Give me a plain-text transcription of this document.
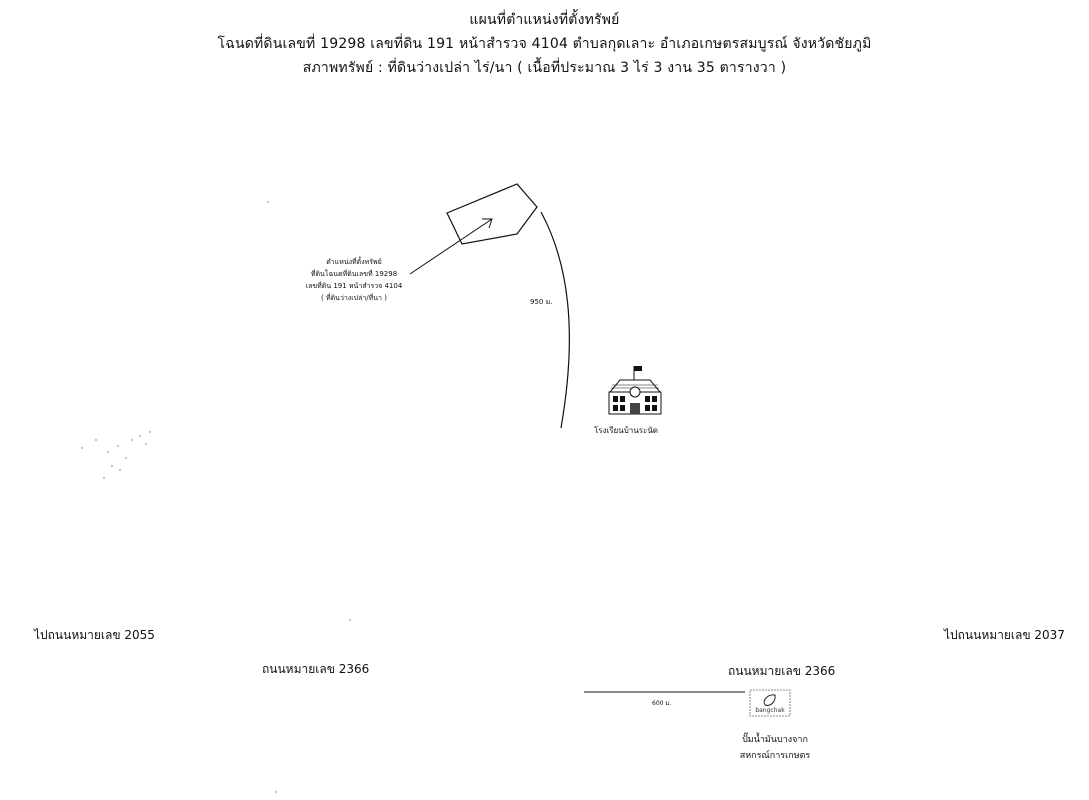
แผนที่ตำแหน่งที่ตั้งทรัพย์
โฉนดที่ดินเลขที่ 19298 เลขที่ดิน 191 หน้าสำรวจ 4104 ตำบลกุดเลาะ อำเภอเกษตรสมบูรณ์ จังหวัดชัยภูมิ
สภาพทรัพย์ : ที่ดินว่างเปล่า ไร่/นา ( เนื้อที่ประมาณ 3 ไร่ 3 งาน 35 ตารางวา )
ตำแหน่งที่ตั้งทรัพย์
ที่ดินโฉนดที่ดินเลขที่ 19298
เลขที่ดิน 191 หน้าสำรวจ 4104
( ที่ดินว่างเปล่า/ที่นา )	950 ม.
โรงเรียนบ้านระนัด
ไปถนนหมายเลข 2055	ไปถนนหมายเลข 2037
ถนนหมายเลข 2366	ถนนหมายเลข 2366
600 ม.
bangchak
ปั๊มน้ำมันบางจาก
สหกรณ์การเกษตร
